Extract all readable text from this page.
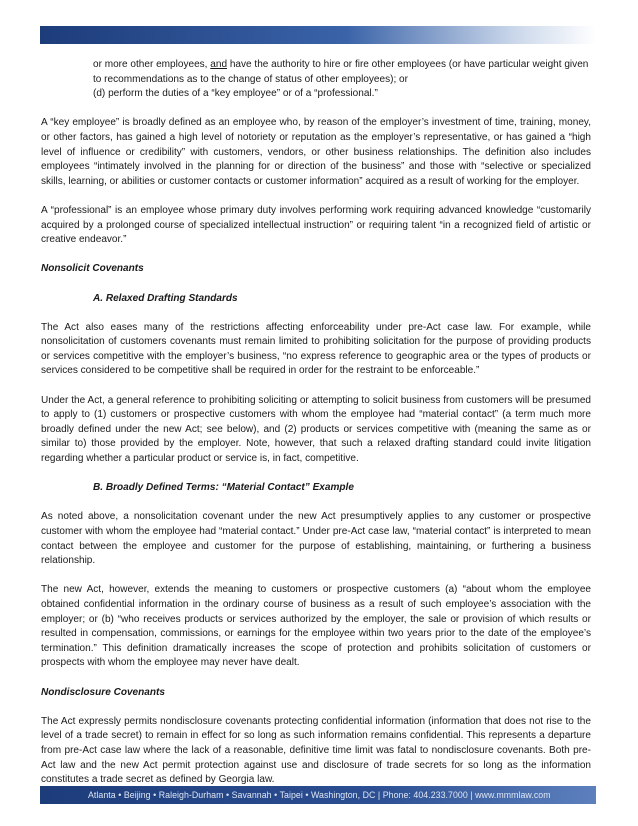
or more other employees, and have the authority to hire or fire other employees (or have particular weight given to recommendations as to the change of status of other employees); or

(d) perform the duties of a “key employee” or of a “professional.”

A “key employee” is broadly defined as an employee who, by reason of the employer’s investment of time, training, money, or other factors, has gained a high level of notoriety or reputation as the employer’s representative, or has gained a “high level of influence or credibility” with customers, vendors, or other business relationships. The definition also includes employees “intimately involved in the planning for or direction of the business” and those with “selective or specialized skills, learning, or abilities or customer contacts or customer information” acquired as a result of working for the employer.

A “professional” is an employee whose primary duty involves performing work requiring advanced knowledge “customarily acquired by a prolonged course of specialized intellectual instruction” or requiring talent “in a recognized field of artistic or creative endeavor.”

Nonsolicit Covenants

A. Relaxed Drafting Standards

The Act also eases many of the restrictions affecting enforceability under pre-Act case law. For example, while nonsolicitation of customers covenants must remain limited to prohibiting solicitation for the purpose of providing products or services competitive with the employer’s business, “no express reference to geographic area or the types of products or services considered to be competitive shall be required in order for the restraint to be enforceable.”

Under the Act, a general reference to prohibiting soliciting or attempting to solicit business from customers will be presumed to apply to (1) customers or prospective customers with whom the employee had “material contact” (a term much more broadly defined under the new Act; see below), and (2) products or services competitive with (meaning the same as or similar to) those provided by the employer. Note, however, that such a relaxed drafting standard could invite litigation regarding whether a particular product or service is, in fact, competitive.

B. Broadly Defined Terms: “Material Contact” Example

As noted above, a nonsolicitation covenant under the new Act presumptively applies to any customer or prospective customer with whom the employee had “material contact.” Under pre-Act case law, “material contact” is interpreted to mean contact between the employee and customer for the purpose of establishing, maintaining, or furthering a business relationship.

The new Act, however, extends the meaning to customers or prospective customers (a) “about whom the employee obtained confidential information in the ordinary course of business as a result of such employee’s association with the employer; or (b) “who receives products or services authorized by the employer, the sale or provision of which results or resulted in compensation, commissions, or earnings for the employee within two years prior to the date of the employee’s termination.” This definition dramatically increases the scope of protection and prohibits solicitation of customers or prospects with whom the employee may never have dealt.

Nondisclosure Covenants

The Act expressly permits nondisclosure covenants protecting confidential information (information that does not rise to the level of a trade secret) to remain in effect for so long as such information remains confidential. This represents a departure from pre-Act case law where the lack of a reasonable, definitive time limit was fatal to nondisclosure covenants. Both pre-Act law and the new Act permit protection against use and disclosure of trade secrets for so long as the information constitutes a trade secret as defined by Georgia law.

Atlanta • Beijing • Raleigh-Durham • Savannah • Taipei • Washington, DC | Phone: 404.233.7000 | www.mmmlaw.com
